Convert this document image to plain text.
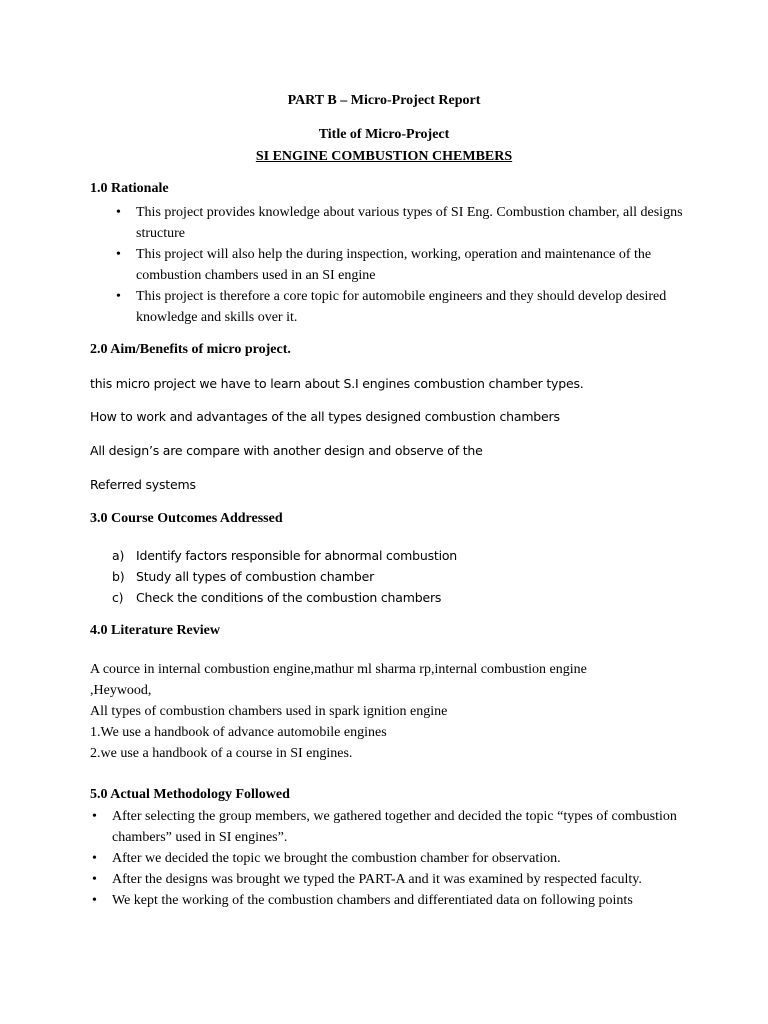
PART B – Micro-Project Report
Title of Micro-Project
SI ENGINE COMBUSTION CHEMBERS
1.0 Rationale
• This project provides knowledge about various types of SI Eng. Combustion chamber, all designs structure
• This project will also help the during inspection, working, operation and maintenance of the combustion chambers used in an SI engine
• This project is therefore a core topic for automobile engineers and they should develop desired knowledge and skills over it.
2.0 Aim/Benefits of micro project.
this micro project we have to learn about S.I engines combustion chamber types.
How to work and advantages of the all types designed combustion chambers
All design’s are compare with another design and observe of the
Referred systems
3.0 Course Outcomes Addressed
a) Identify factors responsible for abnormal combustion
b) Study all types of combustion chamber
c) Check the conditions of the combustion chambers
4.0 Literature Review
A cource in internal combustion engine,mathur ml sharma rp,internal combustion engine
,Heywood,
All types of combustion chambers used in spark ignition engine
1.We use a handbook of advance automobile engines
2.we use a handbook of a course in SI engines.
5.0 Actual Methodology Followed
• After selecting the group members, we gathered together and decided the topic “types of combustion chambers” used in SI engines”.
• After we decided the topic we brought the combustion chamber for observation.
• After the designs was brought we typed the PART-A and it was examined by respected faculty.
• We kept the working of the combustion chambers and differentiated data on following points
